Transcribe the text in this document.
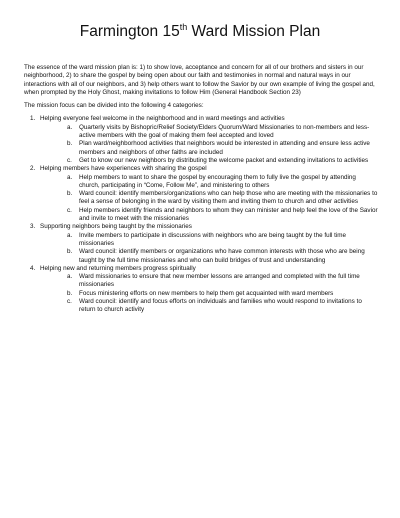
Farmington 15th Ward Mission Plan

The essence of the ward mission plan is: 1) to show love, acceptance and concern for all of our brothers and sisters in our neighborhood, 2) to share the gospel by being open about our faith and testimonies in normal and natural ways in our interactions with all of our neighbors, and 3) help others want to follow the Savior by our own example of living the gospel and, when prompted by the Holy Ghost, making invitations to follow Him (General Handbook Section 23)

The mission focus can be divided into the following 4 categories:

1. Helping everyone feel welcome in the neighborhood and in ward meetings and activities
a. Quarterly visits by Bishopric/Relief Society/Elders Quorum/Ward Missionaries to non-members and less-active members with the goal of making them feel accepted and loved
b. Plan ward/neighborhood activities that neighbors would be interested in attending and ensure less active members and neighbors of other faiths are included
c. Get to know our new neighbors by distributing the welcome packet and extending invitations to activities
2. Helping members have experiences with sharing the gospel
a. Help members to want to share the gospel by encouraging them to fully live the gospel by attending church, participating in “Come, Follow Me”, and ministering to others
b. Ward council: identify members/organizations who can help those who are meeting with the missionaries to feel a sense of belonging in the ward by visiting them and inviting them to church and other activities
c. Help members identify friends and neighbors to whom they can minister and help feel the love of the Savior and invite to meet with the missionaries
3. Supporting neighbors being taught by the missionaries
a. Invite members to participate in discussions with neighbors who are being taught by the full time missionaries
b. Ward council: identify members or organizations who have common interests with those who are being taught by the full time missionaries and who can build bridges of trust and understanding
4. Helping new and returning members progress spiritually
a. Ward missionaries to ensure that new member lessons are arranged and completed with the full time missionaries
b. Focus ministering efforts on new members to help them get acquainted with ward members
c. Ward council: identify and focus efforts on individuals and families who would respond to invitations to return to church activity
